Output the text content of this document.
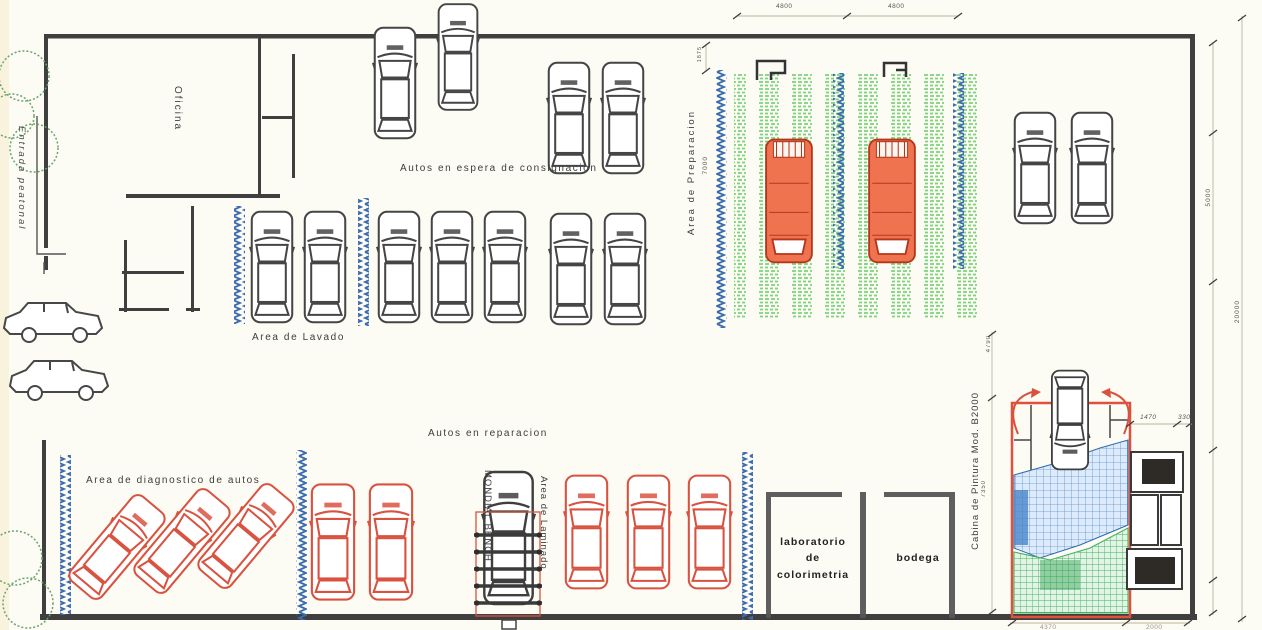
Oficina
Entrada peatonal	Autos en espera de consignacion
Area de Lavado
Area de Preparacion
Autos en reparacion
Area de diagnostico de autos	MONDIAL BENCH	Area de Laminado	Cabina de Pintura Mod. B2000
laboratorio
de
colorimetria
bodega
4800	4800
1875
7000
5000
20000
4790
7350
1470	330
4370	2000
